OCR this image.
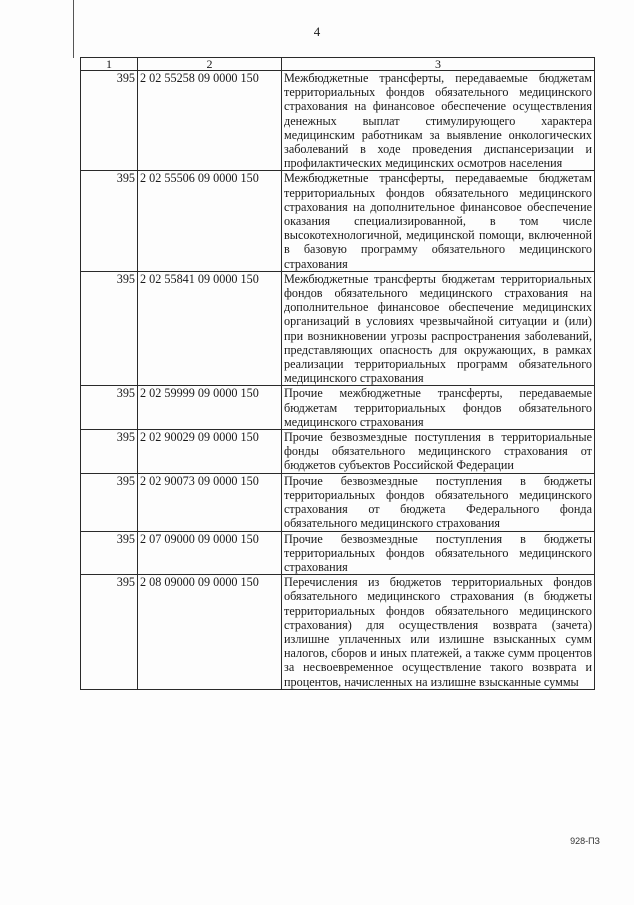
4
1	2	3
395	2 02 55258 09 0000 150	Межбюджетные трансферты, передаваемые бюджетам территориальных фондов обязательного медицинского страхования на финансовое обеспечение осуществления денежных выплат стимулирующего характера медицинским работникам за выявление онкологических заболеваний в ходе проведения диспансеризации и профилактических медицинских осмотров населения
395	2 02 55506 09 0000 150	Межбюджетные трансферты, передаваемые бюджетам территориальных фондов обязательного медицинского страхования на дополнительное финансовое обеспечение оказания специализированной, в том числе высокотехнологичной, медицинской помощи, включенной в базовую программу обязательного медицинского страхования
395	2 02 55841 09 0000 150	Межбюджетные трансферты бюджетам территориальных фондов обязательного медицинского страхования на дополнительное финансовое обеспечение медицинских организаций в условиях чрезвычайной ситуации и (или) при возникновении угрозы распространения заболеваний, представляющих опасность для окружающих, в рамках реализации территориальных программ обязательного медицинского страхования
395	2 02 59999 09 0000 150	Прочие межбюджетные трансферты, передаваемые бюджетам территориальных фондов обязательного медицинского страхования
395	2 02 90029 09 0000 150	Прочие безвозмездные поступления в территориальные фонды обязательного медицинского страхования от бюджетов субъектов Российской Федерации
395	2 02 90073 09 0000 150	Прочие безвозмездные поступления в бюджеты территориальных фондов обязательного медицинского страхования от бюджета Федерального фонда обязательного медицинского страхования
395	2 07 09000 09 0000 150	Прочие безвозмездные поступления в бюджеты территориальных фондов обязательного медицинского страхования
395	2 08 09000 09 0000 150	Перечисления из бюджетов территориальных фондов обязательного медицинского страхования (в бюджеты территориальных фондов обязательного медицинского страхования) для осуществления возврата (зачета) излишне уплаченных или излишне взысканных сумм налогов, сборов и иных платежей, а также сумм процентов за несвоевременное осуществление такого возврата и процентов, начисленных на излишне взысканные суммы
928-ПЗ
